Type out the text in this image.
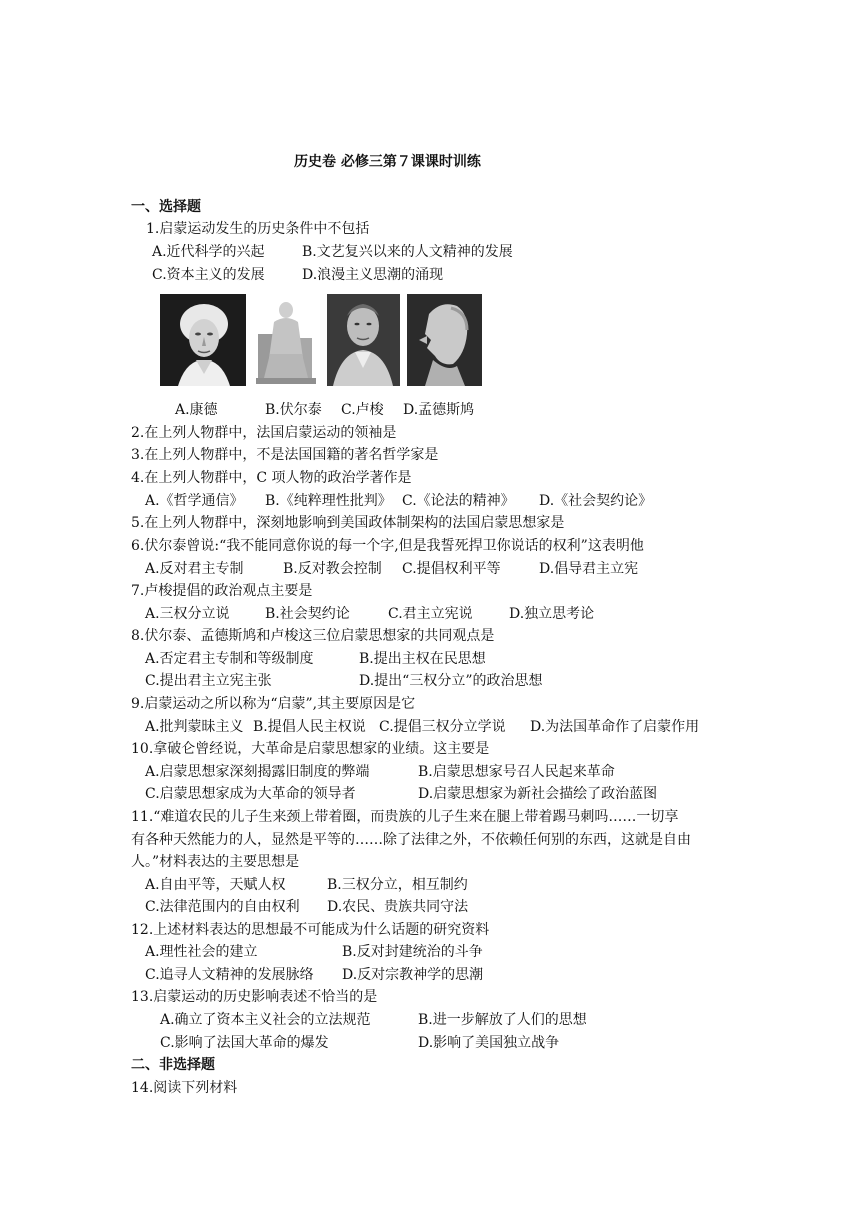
历史卷 必修三第７课课时训练
一、选择题
1.启蒙运动发生的历史条件中不包括
A.近代科学的兴起	B.文艺复兴以来的人文精神的发展
C.资本主义的发展	D.浪漫主义思潮的涌现
A.康德	B.伏尔泰 C.卢梭 D.孟德斯鸠
2.在上列人物群中，法国启蒙运动的领袖是
3.在上列人物群中，不是法国国籍的著名哲学家是
4.在上列人物群中，C 项人物的政治学著作是
A.《哲学通信》 B.《纯粹理性批判》 C.《论法的精神》 D.《社会契约论》
5.在上列人物群中，深刻地影响到美国政体制架构的法国启蒙思想家是
6.伏尔泰曾说:“我不能同意你说的每一个字,但是我誓死捍卫你说话的权利”这表明他
A.反对君主专制	B.反对教会控制 C.提倡权利平等	D.倡导君主立宪
7.卢梭提倡的政治观点主要是
A.三权分立说	B.社会契约论	C.君主立宪说	D.独立思考论
8.伏尔泰、孟德斯鸠和卢梭这三位启蒙思想家的共同观点是
A.否定君主专制和等级制度	B.提出主权在民思想
C.提出君主立宪主张	D.提出“三权分立”的政治思想
9.启蒙运动之所以称为“启蒙”,其主要原因是它
A.批判蒙昧主义 B.提倡人民主权说 C.提倡三权分立学说 D.为法国革命作了启蒙作用
10.拿破仑曾经说，大革命是启蒙思想家的业绩。这主要是
A.启蒙思想家深刻揭露旧制度的弊端	B.启蒙思想家号召人民起来革命
C.启蒙思想家成为大革命的领导者	D.启蒙思想家为新社会描绘了政治蓝图
11.“难道农民的儿子生来颈上带着圈，而贵族的儿子生来在腿上带着踢马刺吗……一切享
有各种天然能力的人，显然是平等的……除了法律之外，不依赖任何别的东西，这就是自由
人。”材料表达的主要思想是
A.自由平等，天赋人权	B.三权分立，相互制约
C.法律范围内的自由权利 D.农民、贵族共同守法
12.上述材料表达的思想最不可能成为什么话题的研究资料
A.理性社会的建立	B.反对封建统治的斗争
C.追寻人文精神的发展脉络 D.反对宗教神学的思潮
13.启蒙运动的历史影响表述不恰当的是
A.确立了资本主义社会的立法规范	B.进一步解放了人们的思想
C.影响了法国大革命的爆发	D.影响了美国独立战争
二、非选择题
14.阅读下列材料
